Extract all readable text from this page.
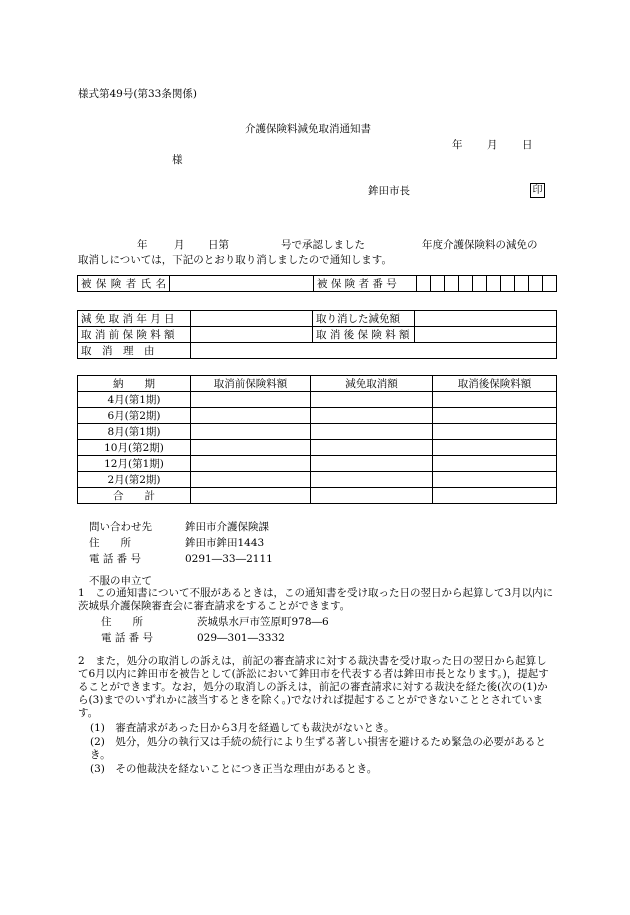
様式第49号(第33条関係)
介護保険料減免取消通知書
年 月 日
様
鉾田市長	印
年	月 日第	号で承認しました	年度介護保険料の減免の
取消しについては，下記のとおり取り消しましたので通知します。
被保険者氏名		被 保 険 者 番 号										
減 免 取 消 年 月 日		取り消した減免額	
取 消 前 保 険 料 額		取 消 後 保 険 料 額	
取　消　理　由			
納　　期	取消前保険料額	減免取消額	取消後保険料額
4月(第1期)			
6月(第2期)			
8月(第1期)			
10月(第2期)			
12月(第1期)			
2月(第2期)			
合　　計			
問い合わせ先	鉾田市介護保険課
住　　所	鉾田市鉾田1443
電 話 番 号	0291―33―2111
不服の申立て
1　この通知書について不服があるときは，この通知書を受け取った日の翌日から起算して3月以内に茨城県介護保険審査会に審査請求をすることができます。
住　　所	茨城県水戸市笠原町978―6
電 話 番 号	029―301―3332
2　また，処分の取消しの訴えは，前記の審査請求に対する裁決書を受け取った日の翌日から起算して6月以内に鉾田市を被告として(訴訟において鉾田市を代表する者は鉾田市長となります。)，提起することができます。なお，処分の取消しの訴えは，前記の審査請求に対する裁決を経た後(次の(1)から(3)までのいずれかに該当するときを除く。)でなければ提起することができないこととされています。
(1)　審査請求があった日から3月を経過しても裁決がないとき。
(2)　処分，処分の執行又は手続の続行により生ずる著しい損害を避けるため緊急の必要があるとき。
(3)　その他裁決を経ないことにつき正当な理由があるとき。
